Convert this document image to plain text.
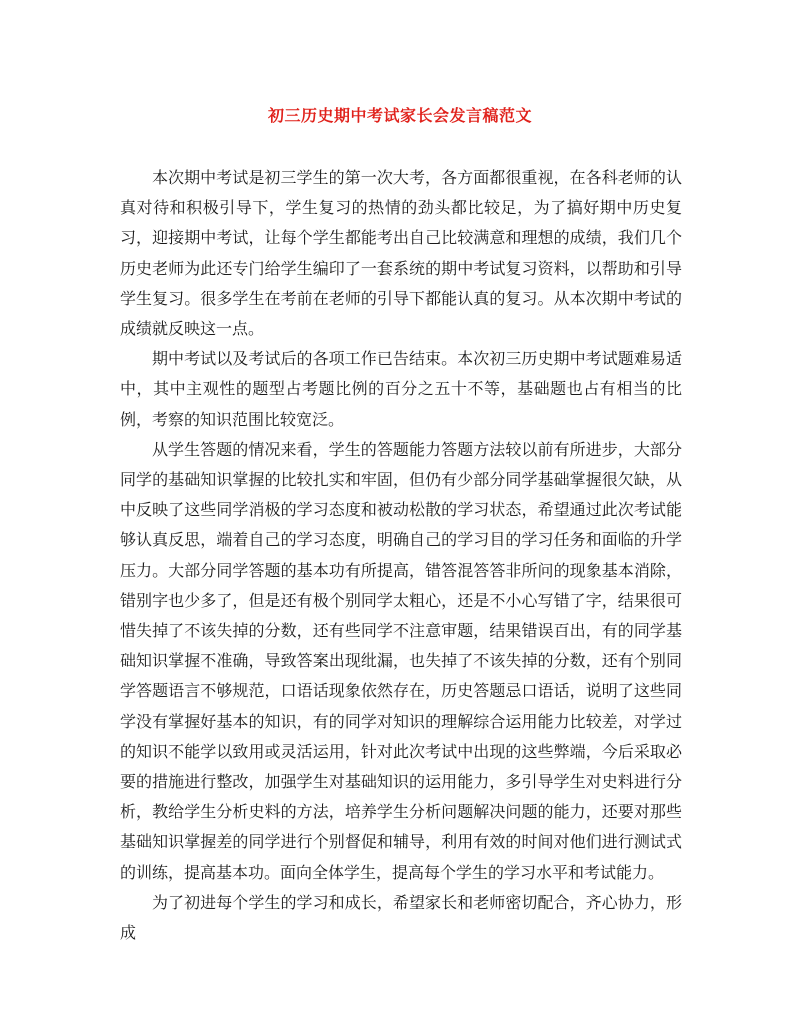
初三历史期中考试家长会发言稿范文

本次期中考试是初三学生的第一次大考，各方面都很重视，在各科老师的认真对待和积极引导下，学生复习的热情的劲头都比较足，为了搞好期中历史复习，迎接期中考试，让每个学生都能考出自己比较满意和理想的成绩，我们几个历史老师为此还专门给学生编印了一套系统的期中考试复习资料，以帮助和引导学生复习。很多学生在考前在老师的引导下都能认真的复习。从本次期中考试的成绩就反映这一点。

期中考试以及考试后的各项工作已告结束。本次初三历史期中考试题难易适中，其中主观性的题型占考题比例的百分之五十不等，基础题也占有相当的比例，考察的知识范围比较宽泛。

从学生答题的情况来看，学生的答题能力答题方法较以前有所进步，大部分同学的基础知识掌握的比较扎实和牢固，但仍有少部分同学基础掌握很欠缺，从中反映了这些同学消极的学习态度和被动松散的学习状态，希望通过此次考试能够认真反思，端着自己的学习态度，明确自己的学习目的学习任务和面临的升学压力。大部分同学答题的基本功有所提高，错答混答答非所问的现象基本消除，错别字也少多了，但是还有极个别同学太粗心，还是不小心写错了字，结果很可惜失掉了不该失掉的分数，还有些同学不注意审题，结果错误百出，有的同学基础知识掌握不准确，导致答案出现纰漏，也失掉了不该失掉的分数，还有个别同学答题语言不够规范，口语话现象依然存在，历史答题忌口语话，说明了这些同学没有掌握好基本的知识，有的同学对知识的理解综合运用能力比较差，对学过的知识不能学以致用或灵活运用，针对此次考试中出现的这些弊端，今后采取必要的措施进行整改，加强学生对基础知识的运用能力，多引导学生对史料进行分析，教给学生分析史料的方法，培养学生分析问题解决问题的能力，还要对那些基础知识掌握差的同学进行个别督促和辅导，利用有效的时间对他们进行测试式的训练，提高基本功。面向全体学生，提高每个学生的学习水平和考试能力。

为了初进每个学生的学习和成长，希望家长和老师密切配合，齐心协力，形成
